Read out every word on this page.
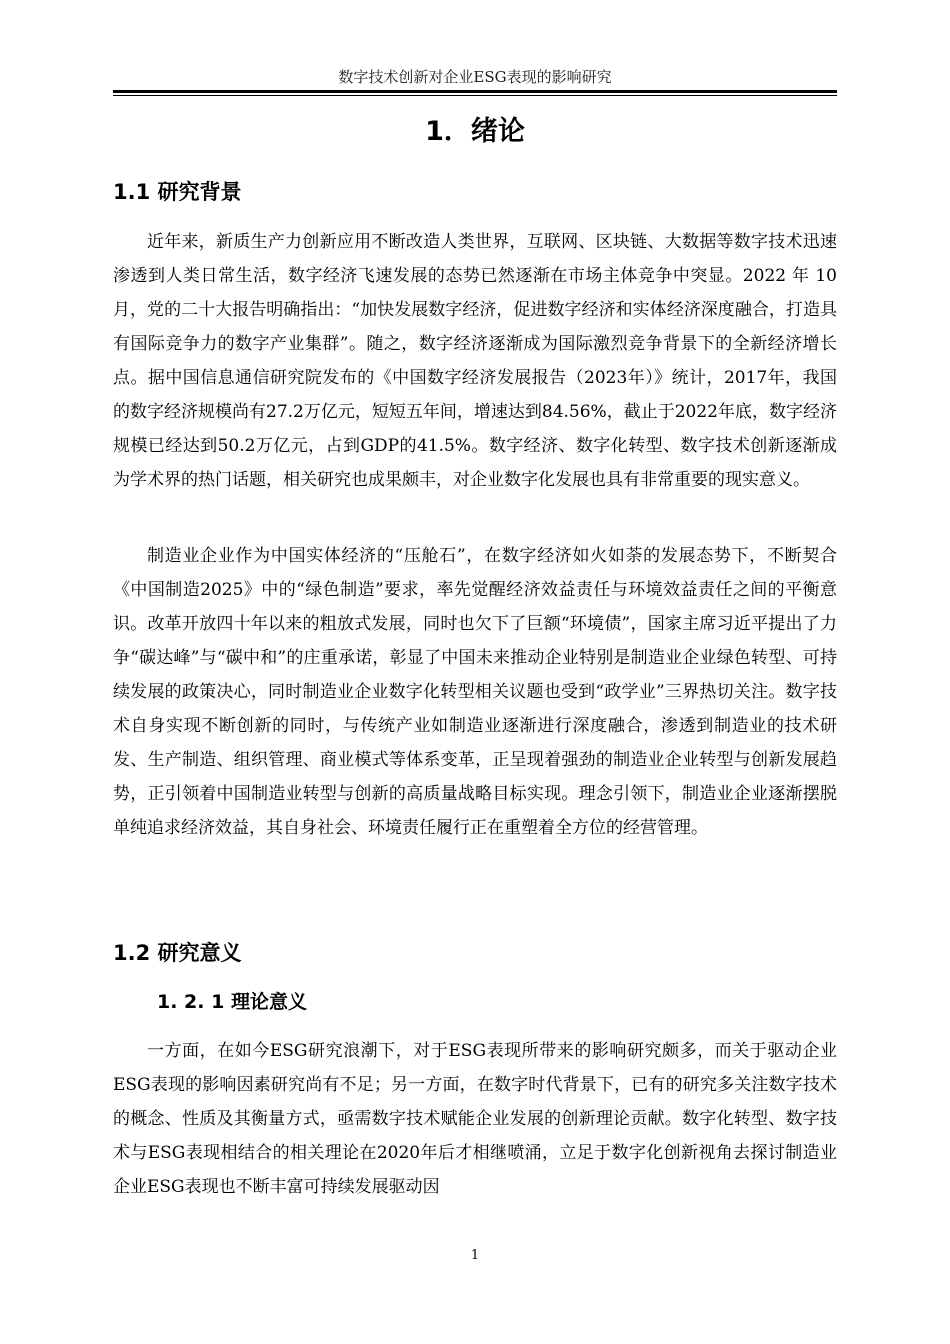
数字技术创新对企业ESG表现的影响研究
1．绪论
1.1 研究背景
近年来，新质生产力创新应用不断改造人类世界，互联网、区块链、大数据等数字技术迅速渗透到人类日常生活，数字经济飞速发展的态势已然逐渐在市场主体竞争中突显。2022 年 10 月，党的二十大报告明确指出：“加快发展数字经济，促进数字经济和实体经济深度融合，打造具有国际竞争力的数字产业集群”。随之，数字经济逐渐成为国际激烈竞争背景下的全新经济增长点。据中国信息通信研究院发布的《中国数字经济发展报告（2023年）》统计，2017年，我国的数字经济规模尚有27.2万亿元，短短五年间，增速达到84.56%，截止于2022年底，数字经济规模已经达到50.2万亿元，占到GDP的41.5%。数字经济、数字化转型、数字技术创新逐渐成为学术界的热门话题，相关研究也成果颇丰，对企业数字化发展也具有非常重要的现实意义。
制造业企业作为中国实体经济的“压舱石”，在数字经济如火如荼的发展态势下，不断契合《中国制造2025》中的“绿色制造”要求，率先觉醒经济效益责任与环境效益责任之间的平衡意识。改革开放四十年以来的粗放式发展，同时也欠下了巨额“环境债”，国家主席习近平提出了力争“碳达峰”与“碳中和”的庄重承诺，彰显了中国未来推动企业特别是制造业企业绿色转型、可持续发展的政策决心，同时制造业企业数字化转型相关议题也受到“政学业”三界热切关注。数字技术自身实现不断创新的同时，与传统产业如制造业逐渐进行深度融合，渗透到制造业的技术研发、生产制造、组织管理、商业模式等体系变革，正呈现着强劲的制造业企业转型与创新发展趋势，正引领着中国制造业转型与创新的高质量战略目标实现。理念引领下，制造业企业逐渐摆脱单纯追求经济效益，其自身社会、环境责任履行正在重塑着全方位的经营管理。
1.2 研究意义
1. 2. 1 理论意义
一方面，在如今ESG研究浪潮下，对于ESG表现所带来的影响研究颇多，而关于驱动企业ESG表现的影响因素研究尚有不足；另一方面，在数字时代背景下，已有的研究多关注数字技术的概念、性质及其衡量方式，亟需数字技术赋能企业发展的创新理论贡献。数字化转型、数字技术与ESG表现相结合的相关理论在2020年后才相继喷涌，立足于数字化创新视角去探讨制造业企业ESG表现也不断丰富可持续发展驱动因
1
